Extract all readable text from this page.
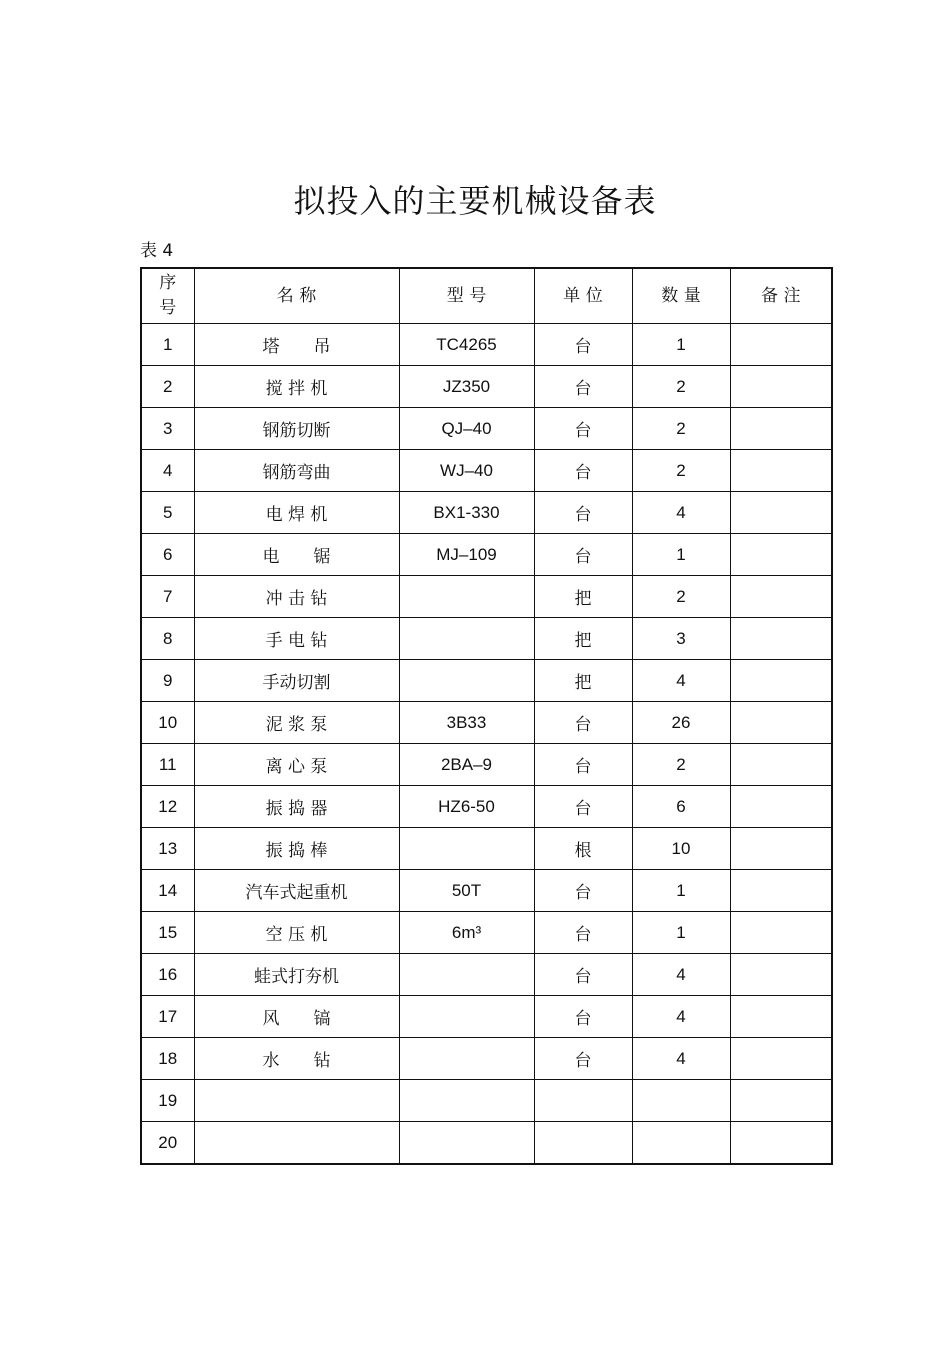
拟投入的主要机械设备表
表 4
序
号	名 称	型 号	单 位	数 量	备 注
1	塔　　吊	TC4265	台	1	
2	搅 拌 机	JZ350	台	2	
3	钢筋切断	QJ–40	台	2	
4	钢筋弯曲	WJ–40	台	2	
5	电 焊 机	BX1-330	台	4	
6	电　　锯	MJ–109	台	1	
7	冲 击 钻		把	2	
8	手 电 钻		把	3	
9	手动切割		把	4	
10	泥 浆 泵	3B33	台	26	
11	离 心 泵	2BA–9	台	2	
12	振 捣 器	HZ6-50	台	6	
13	振 捣 棒		根	10	
14	汽车式起重机	50T	台	1	
15	空 压 机	6m³	台	1	
16	蛙式打夯机		台	4	
17	风　　镐		台	4	
18	水　　钻		台	4	
19					
20					
